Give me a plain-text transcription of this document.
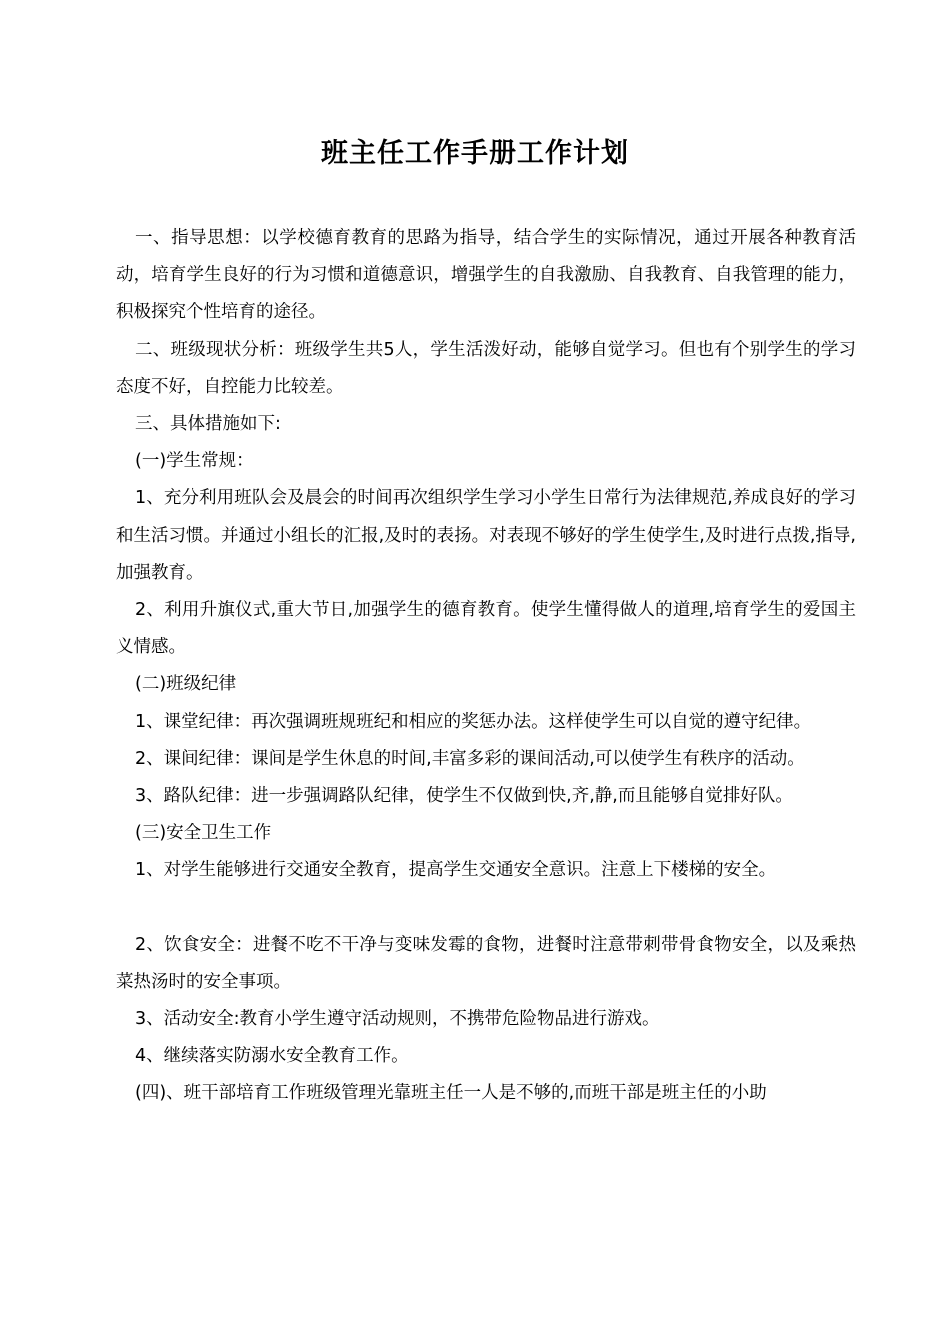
班主任工作手册工作计划

一、指导思想：以学校德育教育的思路为指导，结合学生的实际情况，通过开展各种教育活动，培育学生良好的行为习惯和道德意识，增强学生的自我激励、自我教育、自我管理的能力，积极探究个性培育的途径。

二、班级现状分析：班级学生共5人，学生活泼好动，能够自觉学习。但也有个别学生的学习态度不好，自控能力比较差。

三、具体措施如下:

(一)学生常规：

1、充分利用班队会及晨会的时间再次组织学生学习小学生日常行为法律规范,养成良好的学习和生活习惯。并通过小组长的汇报,及时的表扬。对表现不够好的学生使学生,及时进行点拨,指导,加强教育。

2、利用升旗仪式,重大节日,加强学生的德育教育。使学生懂得做人的道理,培育学生的爱国主义情感。

(二)班级纪律

1、课堂纪律：再次强调班规班纪和相应的奖惩办法。这样使学生可以自觉的遵守纪律。

2、课间纪律：课间是学生休息的时间,丰富多彩的课间活动,可以使学生有秩序的活动。

3、路队纪律：进一步强调路队纪律，使学生不仅做到快,齐,静,而且能够自觉排好队。

(三)安全卫生工作

1、对学生能够进行交通安全教育，提高学生交通安全意识。注意上下楼梯的安全。

2、饮食安全：进餐不吃不干净与变味发霉的食物，进餐时注意带刺带骨食物安全，以及乘热菜热汤时的安全事项。

3、活动安全:教育小学生遵守活动规则，不携带危险物品进行游戏。

4、继续落实防溺水安全教育工作。

(四)、班干部培育工作班级管理光靠班主任一人是不够的,而班干部是班主任的小助
